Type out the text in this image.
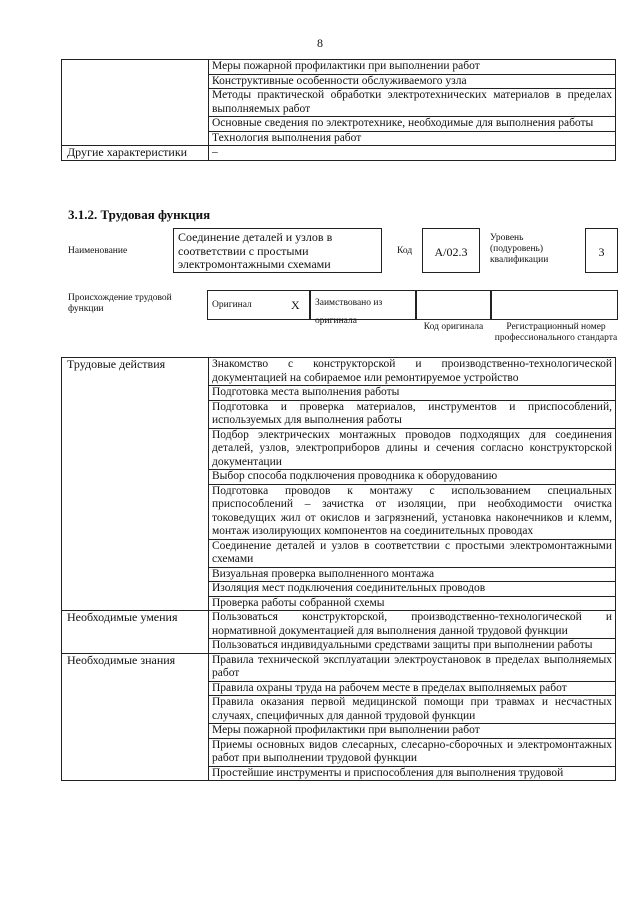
8
	Меры пожарной профилактики при выполнении работ
	Конструктивные особенности обслуживаемого узла
	Методы практической обработки электротехнических материалов в пределах выполняемых работ
	Основные сведения по электротехнике, необходимые для выполнения работы
	Технология выполнения работ
Другие характеристики	–
3.1.2. Трудовая функция
Наименование
Соединение деталей и узлов в соответствии с простыми электромонтажными схемами
Код	А/02.3
Уровень (подуровень) квалификации
3
Происхождение трудовой функции	Оригинал	Х	Заимствовано из оригинала
Код оригинала	Регистрационный номер профессионального стандарта
Трудовые действия	Знакомство с конструкторской и производственно-технологической документацией на собираемое или ремонтируемое устройство
	Подготовка места выполнения работы
	Подготовка и проверка материалов, инструментов и приспособлений, используемых для выполнения работы
	Подбор электрических монтажных проводов подходящих для соединения деталей, узлов, электроприборов длины и сечения согласно конструкторской документации
	Выбор способа подключения проводника к оборудованию
	Подготовка проводов к монтажу с использованием специальных приспособлений – зачистка от изоляции, при необходимости очистка токоведущих жил от окислов и загрязнений, установка наконечников и клемм, монтаж изолирующих компонентов на соединительных проводах
	Соединение деталей и узлов в соответствии с простыми электромонтажными схемами
	Визуальная проверка выполненного монтажа
	Изоляция мест подключения соединительных проводов
	Проверка работы собранной схемы
Необходимые умения	Пользоваться конструкторской, производственно-технологической и нормативной документацией для выполнения данной трудовой функции
	Пользоваться индивидуальными средствами защиты при выполнении работы
Необходимые знания	Правила технической эксплуатации электроустановок в пределах выполняемых работ
	Правила охраны труда на рабочем месте в пределах выполняемых работ
	Правила оказания первой медицинской помощи при травмах и несчастных случаях, специфичных для данной трудовой функции
	Меры пожарной профилактики при выполнении работ
	Приемы основных видов слесарных, слесарно-сборочных и электромонтажных работ при выполнении трудовой функции
	Простейшие инструменты и приспособления для выполнения трудовой
